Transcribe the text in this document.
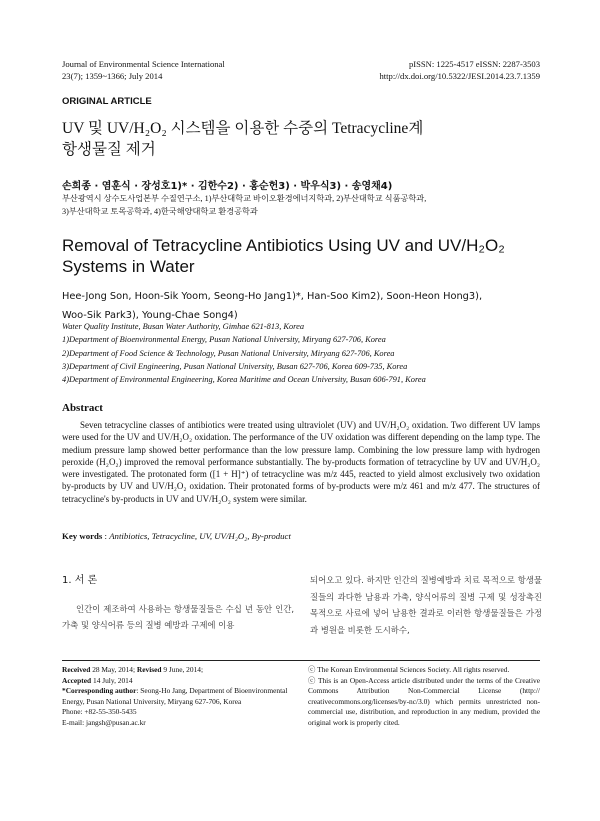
Journal of Environmental Science International
23(7); 1359~1366; July 2014
pISSN: 1225-4517 eISSN: 2287-3503
http://dx.doi.org/10.5322/JESI.2014.23.7.1359
ORIGINAL ARTICLE
UV 및 UV/H₂O₂ 시스템을 이용한 수중의 Tetracycline계
항생물질 제거
손희종 · 염훈식 · 장성호1)* · 김한수2) · 홍순헌3) · 박우식3) · 송영채4)
부산광역시 상수도사업본부 수질연구소, 1)부산대학교 바이오환경에너지학과, 2)부산대학교 식품공학과,
3)부산대학교 토목공학과, 4)한국해양대학교 환경공학과
Removal of Tetracycline Antibiotics Using UV and UV/H₂O₂
Systems in Water
Hee-Jong Son, Hoon-Sik Yoom, Seong-Ho Jang1)*, Han-Soo Kim2), Soon-Heon Hong3),
Woo-Sik Park3), Young-Chae Song4)
Water Quality Institute, Busan Water Authority, Gimhae 621-813, Korea
1)Department of Bioenvironmental Energy, Pusan National University, Miryang 627-706, Korea
2)Department of Food Science & Technology, Pusan National University, Miryang 627-706, Korea
3)Department of Civil Engineering, Pusan National University, Busan 627-706, Korea 609-735, Korea
4)Department of Environmental Engineering, Korea Maritime and Ocean University, Busan 606-791, Korea
Abstract
Seven tetracycline classes of antibiotics were treated using ultraviolet (UV) and UV/H₂O₂ oxidation. Two different UV lamps were used for the UV and UV/H₂O₂ oxidation. The performance of the UV oxidation was different depending on the lamp type. The medium pressure lamp showed better performance than the low pressure lamp. Combining the low pressure lamp with hydrogen peroxide (H₂O₂) improved the removal performance substantially. The by-products formation of tetracycline by UV and UV/H₂O₂ were investigated. The protonated form ([1 + H]⁺) of tetracycline was m/z 445, reacted to yield almost exclusively two oxidation by-products by UV and UV/H₂O₂ oxidation. Their protonated forms of by-products were m/z 461 and m/z 477. The structures of tetracycline's by-products in UV and UV/H₂O₂ system were similar.
Key words : Antibiotics, Tetracycline, UV, UV/H₂O₂, By-product
1. 서 론
인간이 제조하여 사용하는 항생물질들은 수십 년 동안 인간, 가축 및 양식어류 등의 질병 예방과 구제에 이용
되어오고 있다. 하지만 인간의 질병예방과 치료 목적으로 항생물질들의 과다한 남용과 가축, 양식어류의 질병 구제 및 성장촉진 목적으로 사료에 넣어 남용한 결과로 이러한 항생물질들은 가정과 병원을 비롯한 도시하수,
Received 28 May, 2014; Revised 9 June, 2014;
Accepted 14 July, 2014
*Corresponding author: Seong-Ho Jang, Department of Bioenvironmental Energy, Pusan National University, Miryang 627-706, Korea
Phone: +82-55-350-5435
E-mail: jangsh@pusan.ac.kr
ⓒ The Korean Environmental Sciences Society. All rights reserved.
ⓒ This is an Open-Access article distributed under the terms of the Creative Commons Attribution Non-Commercial License (http:// creativecommons.org/licenses/by-nc/3.0) which permits unrestricted non-commercial use, distribution, and reproduction in any medium, provided the original work is properly cited.
